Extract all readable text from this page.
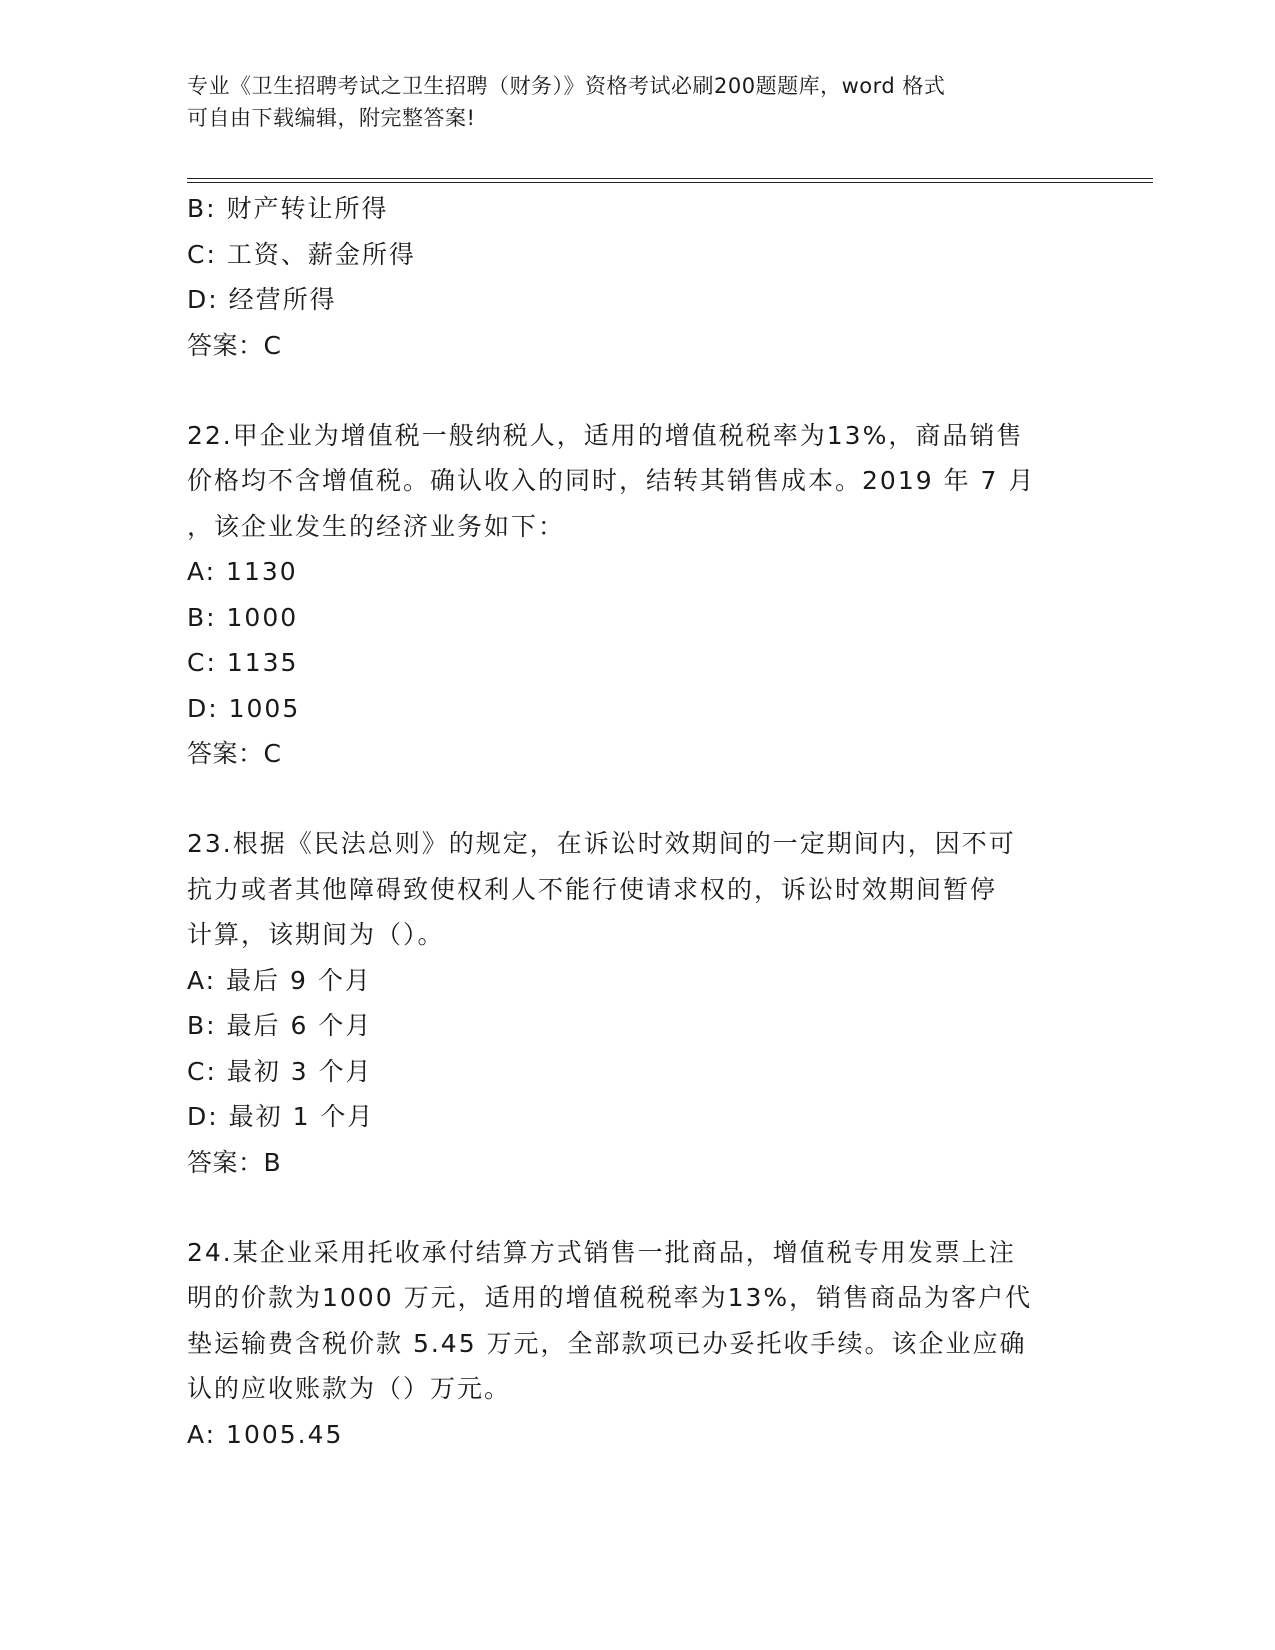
专业《卫生招聘考试之卫生招聘（财务）》资格考试必刷200题题库，word 格式
可自由下载编辑，附完整答案!
B: 财产转让所得
C: 工资、薪金所得
D: 经营所得
答案：C
22.甲企业为增值税一般纳税人，适用的增值税税率为13%，商品销售
价格均不含增值税。确认收入的同时，结转其销售成本。2019 年 7 月
，该企业发生的经济业务如下：
A: 1130
B: 1000
C: 1135
D: 1005
答案：C
23.根据《民法总则》的规定，在诉讼时效期间的一定期间内，因不可
抗力或者其他障碍致使权利人不能行使请求权的，诉讼时效期间暂停
计算，该期间为（）。
A: 最后 9 个月
B: 最后 6 个月
C: 最初 3 个月
D: 最初 1 个月
答案：B
24.某企业采用托收承付结算方式销售一批商品，增值税专用发票上注
明的价款为1000 万元，适用的增值税税率为13%，销售商品为客户代
垫运输费含税价款 5.45 万元，全部款项已办妥托收手续。该企业应确
认的应收账款为（）万元。
A: 1005.45
